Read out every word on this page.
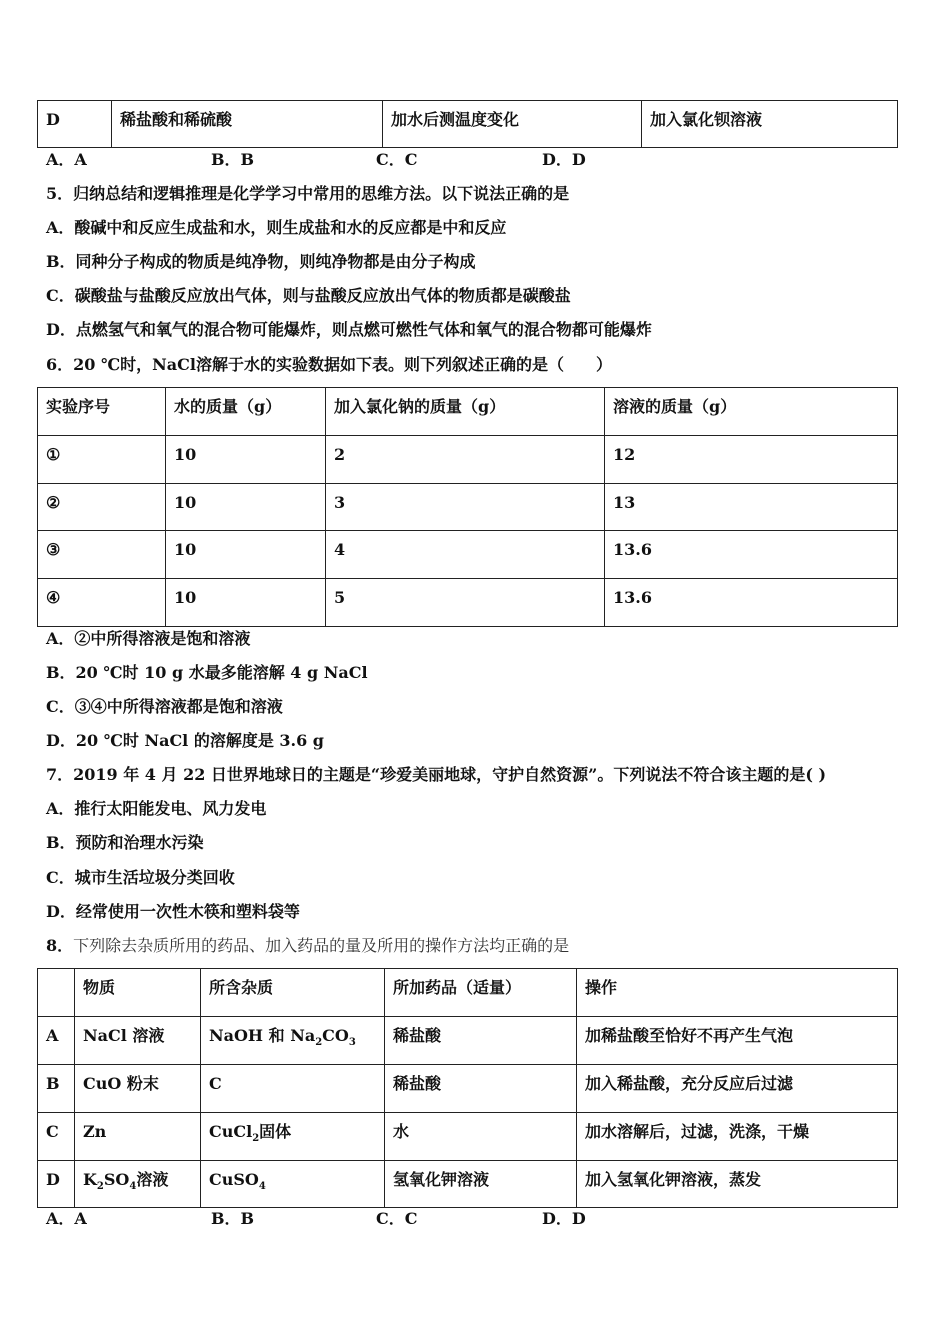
D	稀盐酸和稀硫酸	加水后测温度变化	加入氯化钡溶液
A．A	B．B	C．C	D．D
5．归纳总结和逻辑推理是化学学习中常用的思维方法。以下说法正确的是
A．酸碱中和反应生成盐和水，则生成盐和水的反应都是中和反应
B．同种分子构成的物质是纯净物，则纯净物都是由分子构成
C．碳酸盐与盐酸反应放出气体，则与盐酸反应放出气体的物质都是碳酸盐
D．点燃氢气和氧气的混合物可能爆炸，则点燃可燃性气体和氧气的混合物都可能爆炸
6．20 ℃时，NaCl溶解于水的实验数据如下表。则下列叙述正确的是（　　）
实验序号	水的质量（g）	加入氯化钠的质量（g）	溶液的质量（g）
①	10	2	12
②	10	3	13
③	10	4	13.6
④	10	5	13.6
A．②中所得溶液是饱和溶液
B．20 ℃时 10 g 水最多能溶解 4 g NaCl
C．③④中所得溶液都是饱和溶液
D．20 ℃时 NaCl 的溶解度是 3.6 g
7．2019 年 4 月 22 日世界地球日的主题是“珍爱美丽地球，守护自然资源”。下列说法不符合该主题的是( )
A．推行太阳能发电、风力发电
B．预防和治理水污染
C．城市生活垃圾分类回收
D．经常使用一次性木筷和塑料袋等
8．下列除去杂质所用的药品、加入药品的量及所用的操作方法均正确的是
	物质	所含杂质	所加药品（适量）	操作
A	NaCl 溶液	NaOH 和 $Na_2CO_3$	稀盐酸	加稀盐酸至恰好不再产生气泡
B	CuO 粉末	C	稀盐酸	加入稀盐酸，充分反应后过滤
C	Zn	CuCl$_2$固体	水	加水溶解后，过滤，洗涤，干燥
D	$K_2SO_4$溶液	CuSO$_4$	氢氧化钾溶液	加入氢氧化钾溶液，蒸发
A．A	B．B	C．C	D．D
